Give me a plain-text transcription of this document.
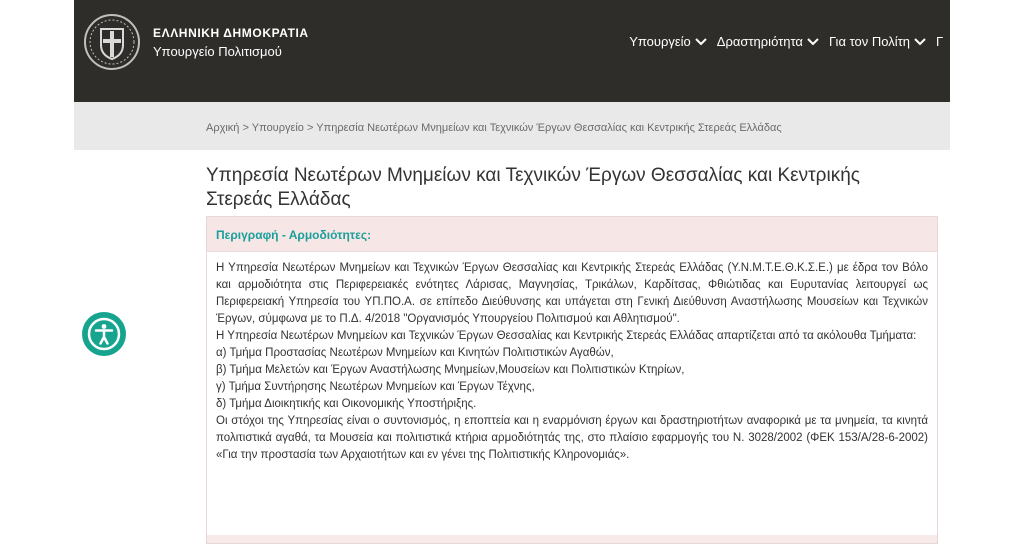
ΕΛΛΗΝΙΚΗ ΔΗΜΟΚΡΑΤΙΑ
Υπουργείο Πολιτισμού
Υπουργείο Δραστηριότητα Για τον Πολίτη Γ
Αρχική > Υπουργείο > Υπηρεσία Νεωτέρων Μνημείων και Τεχνικών Έργων Θεσσαλίας και Κεντρικής Στερεάς Ελλάδας
Υπηρεσία Νεωτέρων Μνημείων και Τεχνικών Έργων Θεσσαλίας και Κεντρικής Στερεάς Ελλάδας
Περιγραφή - Αρμοδιότητες:

Η Υπηρεσία Νεωτέρων Μνημείων και Τεχνικών Έργων Θεσσαλίας και Κεντρικής Στερεάς Ελλάδας (Υ.Ν.Μ.Τ.Ε.Θ.Κ.Σ.Ε.) με έδρα τον Βόλο και αρμοδιότητα στις Περιφερειακές ενότητες Λάρισας, Μαγνησίας, Τρικάλων, Καρδίτσας, Φθιώτιδας και Ευρυτανίας λειτουργεί ως Περιφερειακή Υπηρεσία του ΥΠ.ΠΟ.Α. σε επίπεδο Διεύθυνσης και υπάγεται στη Γενική Διεύθυνση Αναστήλωσης Μουσείων και Τεχνικών Έργων, σύμφωνα με το Π.Δ. 4/2018 "Οργανισμός Υπουργείου Πολιτισμού και Αθλητισμού".

Η Υπηρεσία Νεωτέρων Μνημείων και Τεχνικών Έργων Θεσσαλίας και Κεντρικής Στερεάς Ελλάδας απαρτίζεται από τα ακόλουθα Τμήματα:

α) Τμήμα Προστασίας Νεωτέρων Μνημείων και Κινητών Πολιτιστικών Αγαθών,

β) Τμήμα Μελετών και Έργων Αναστήλωσης Μνημείων,Μουσείων και Πολιτιστικών Κτηρίων,

γ) Τμήμα Συντήρησης Νεωτέρων Μνημείων και Έργων Τέχνης,

δ) Τμήμα Διοικητικής και Οικονομικής Υποστήριξης.

Οι στόχοι της Υπηρεσίας είναι ο συντονισμός, η εποπτεία και η εναρμόνιση έργων και δραστηριοτήτων αναφορικά με τα μνημεία, τα κινητά πολιτιστικά αγαθά, τα Μουσεία και πολιτιστικά κτήρια αρμοδιότητάς της, στο πλαίσιο εφαρμογής του Ν. 3028/2002 (ΦΕΚ 153/Α/28-6-2002) «Για την προστασία των Αρχαιοτήτων και εν γένει της Πολιτιστικής Κληρονομιάς».
